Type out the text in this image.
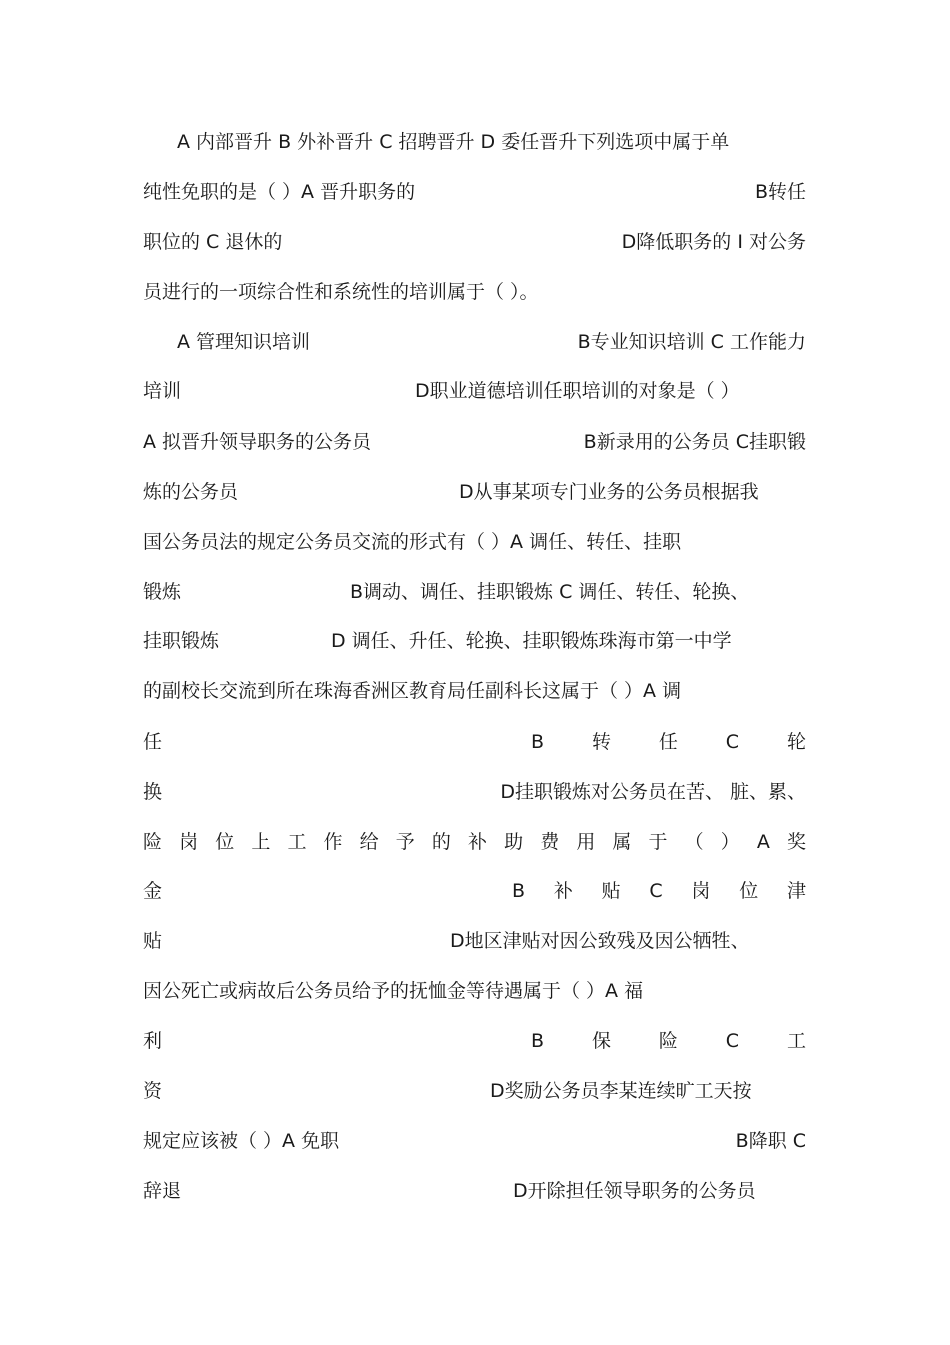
A 内部晋升 B 外补晋升 C 招聘晋升 D 委任晋升下列选项中属于单
纯性免职的是（ ）A 晋升职务的	B转任
职位的 C 退休的	D降低职务的 I 对公务
员进行的一项综合性和系统性的培训属于（ ）。
A 管理知识培训	B专业知识培训 C 工作能力
培训	D职业道德培训任职培训的对象是（ ）
A 拟晋升领导职务的公务员	B新录用的公务员 C挂职锻
炼的公务员	D从事某项专门业务的公务员根据我
国公务员法的规定公务员交流的形式有（ ）A 调任、转任、挂职
锻炼	B调动、调任、挂职锻炼 C 调任、转任、轮换、
挂职锻炼	D 调任、升任、轮换、挂职锻炼珠海市第一中学
的副校长交流到所在珠海香洲区教育局任副科长这属于（ ）A 调
任	B	转	任	C	轮
换	D挂职锻炼对公务员在苦、 脏、累、
险 岗 位 上 工 作 给 予 的 补 助 费 用 属 于 （ ） A 奖
金	B 补 贴 C 岗 位 津
贴	D地区津贴对因公致残及因公牺牲、
因公死亡或病故后公务员给予的抚恤金等待遇属于（ ）A 福
利	B	保	险	C	工
资	D奖励公务员李某连续旷工天按
规定应该被（ ）A 免职	B降职 C
辞退	D开除担任领导职务的公务员
